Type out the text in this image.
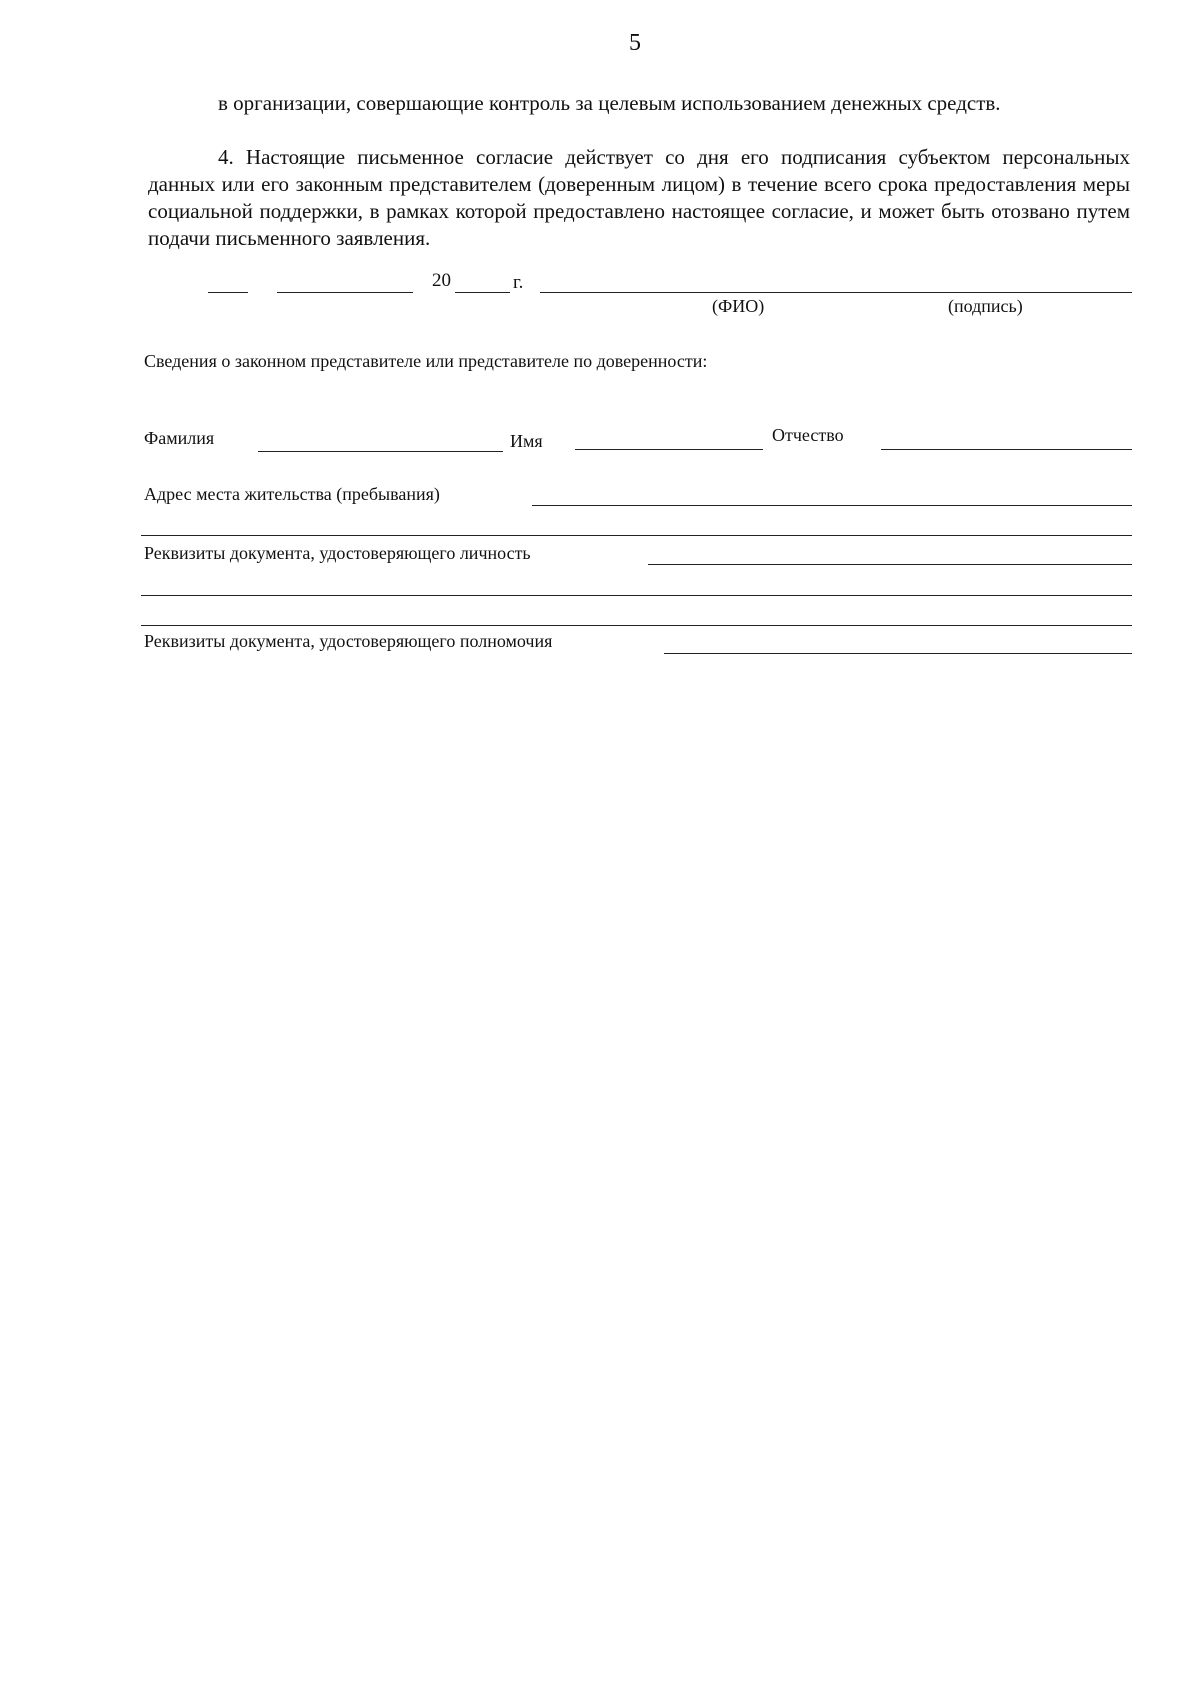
5

в организации, совершающие контроль за целевым использованием денежных средств.

4. Настоящие письменное согласие действует со дня его подписания субъектом персональных данных или его законным представителем (доверенным лицом) в течение всего срока предоставления меры социальной поддержки, в рамках которой предоставлено настоящее согласие, и может быть отозвано путем подачи письменного заявления.

20	г.
(ФИО)	(подпись)
Сведения о законном представителе или представителе по доверенности:
Фамилия	Имя	Отчество
Адрес места жительства (пребывания)
Реквизиты документа, удостоверяющего личность
Реквизиты документа, удостоверяющего полномочия
